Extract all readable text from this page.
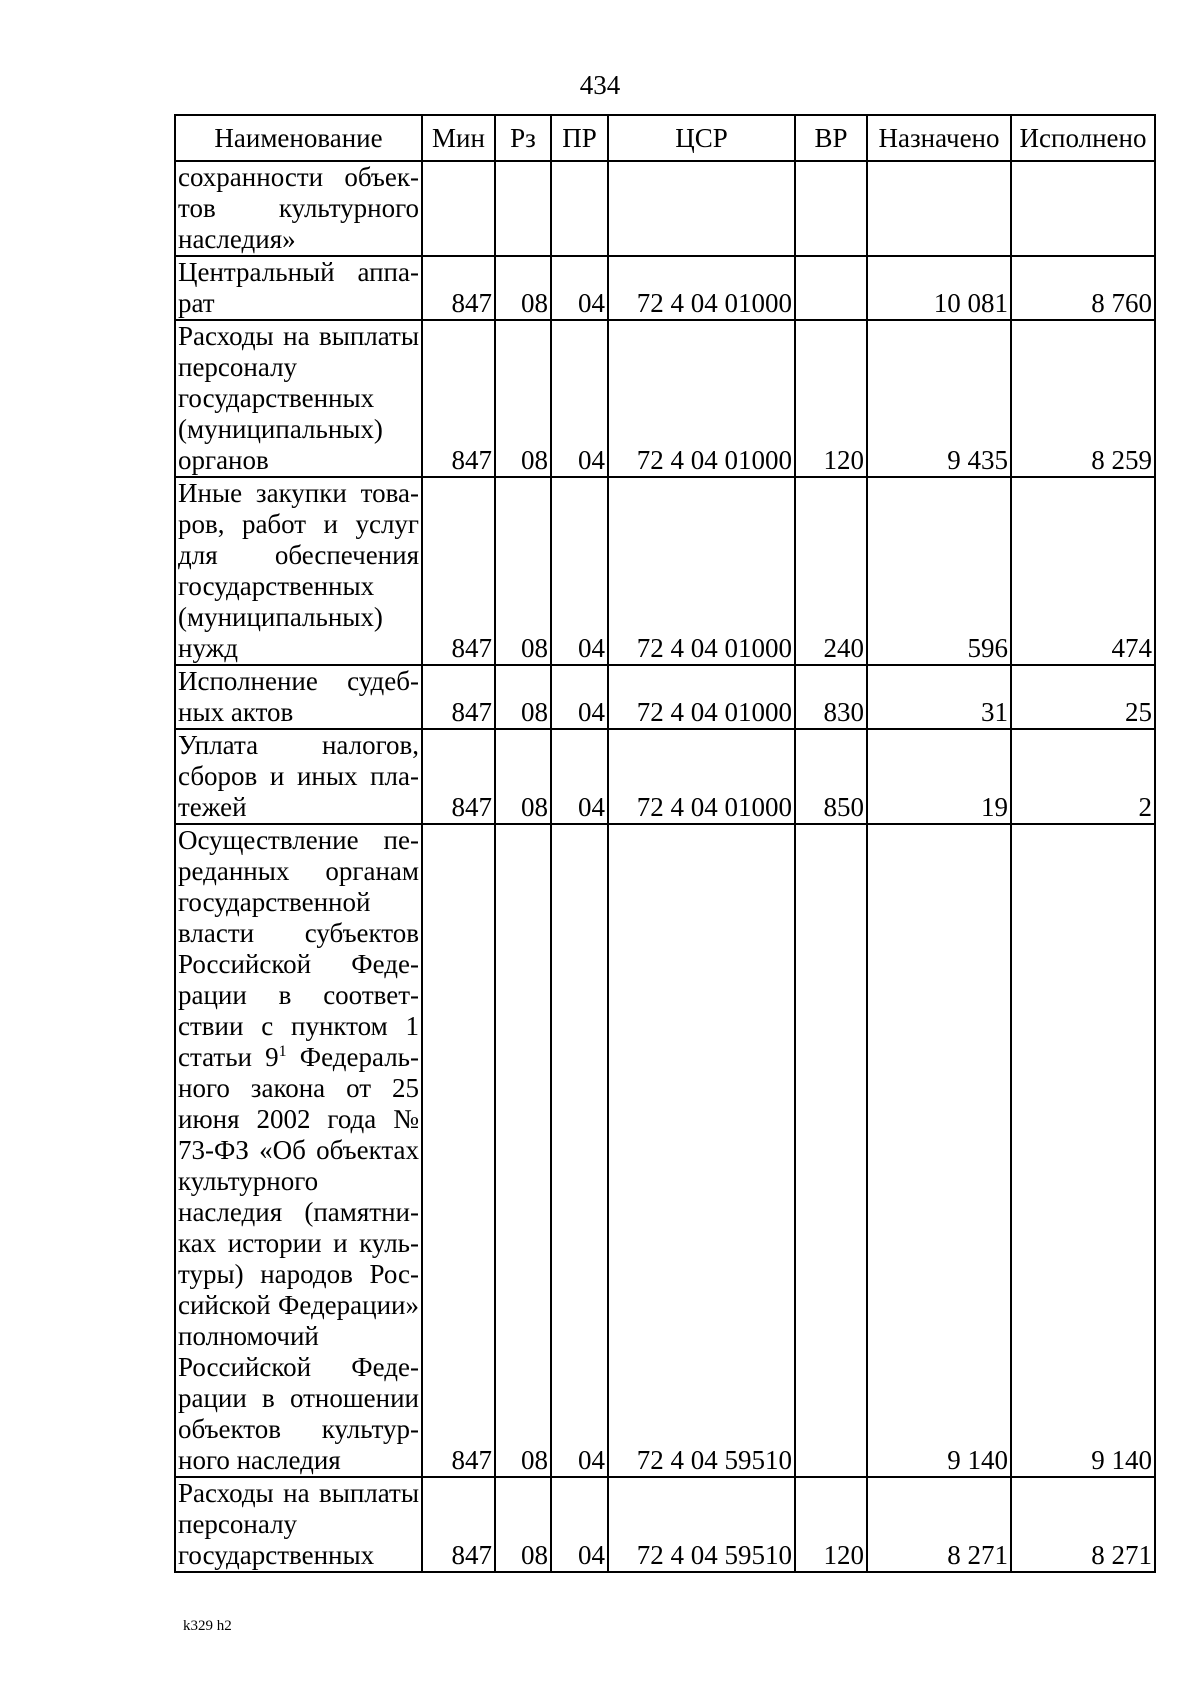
434
Наименование	Мин	Рз	ПР	ЦСР	ВР	Назначено	Исполнено
сохранности объектов культурного наследия»							
Центральный аппарат	847	08	04	72 4 04 01000		10 081	8 760
Расходы на выплаты персоналу государственных (муниципальных) органов	847	08	04	72 4 04 01000	120	9 435	8 259
Иные закупки товаров, работ и услуг для обеспечения государственных (муниципальных) нужд	847	08	04	72 4 04 01000	240	596	474
Исполнение судебных актов	847	08	04	72 4 04 01000	830	31	25
Уплата налогов, сборов и иных платежей	847	08	04	72 4 04 01000	850	19	2
Осуществление переданных органам государственной власти субъектов Российской Федерации в соответствии с пунктом 1 статьи $9^1$ Федерального закона от 25 июня 2002 года № 73-ФЗ «Об объектах культурного наследия (памятниках истории и культуры) народов Российской Федерации» полномочий Российской Федерации в отношении объектов культурного наследия	847	08	04	72 4 04 59510		9 140	9 140
Расходы на выплаты персоналу государственных	847	08	04	72 4 04 59510	120	8 271	8 271
k329 h2
